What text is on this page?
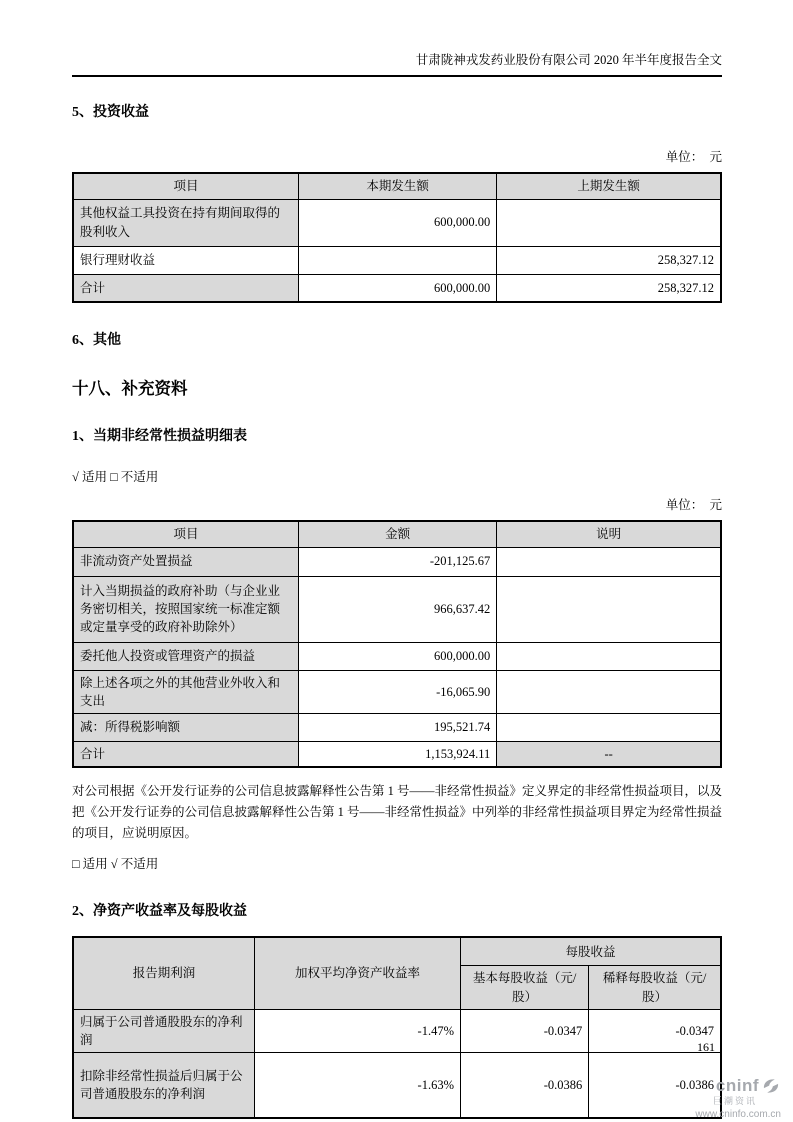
甘肃陇神戎发药业股份有限公司 2020 年半年度报告全文
5、投资收益
单位：　元
项目	本期发生额	上期发生额
其他权益工具投资在持有期间取得的股利收入	600,000.00	
银行理财收益		258,327.12
合计	600,000.00	258,327.12
6、其他
十八、补充资料
1、当期非经常性损益明细表
√ 适用 □ 不适用
单位：　元
项目	金额	说明
非流动资产处置损益	-201,125.67	
计入当期损益的政府补助（与企业业务密切相关，按照国家统一标准定额或定量享受的政府补助除外）	966,637.42	
委托他人投资或管理资产的损益	600,000.00	
除上述各项之外的其他营业外收入和支出	-16,065.90	
减：所得税影响额	195,521.74	
合计	1,153,924.11	--

对公司根据《公开发行证券的公司信息披露解释性公告第 1 号——非经常性损益》定义界定的非经常性损益项目，以及把《公开发行证券的公司信息披露解释性公告第 1 号——非经常性损益》中列举的非经常性损益项目界定为经常性损益的项目，应说明原因。

□ 适用 √ 不适用
2、净资产收益率及每股收益
报告期利润	加权平均净资产收益率	每股收益	
		基本每股收益（元/股）	稀释每股收益（元/股）
归属于公司普通股股东的净利润	-1.47%	-0.0347	-0.0347
扣除非经常性损益后归属于公司普通股股东的净利润	-1.63%	-0.0386	-0.0386
161
cninf
巨潮资讯
www.cninfo.com.cn
